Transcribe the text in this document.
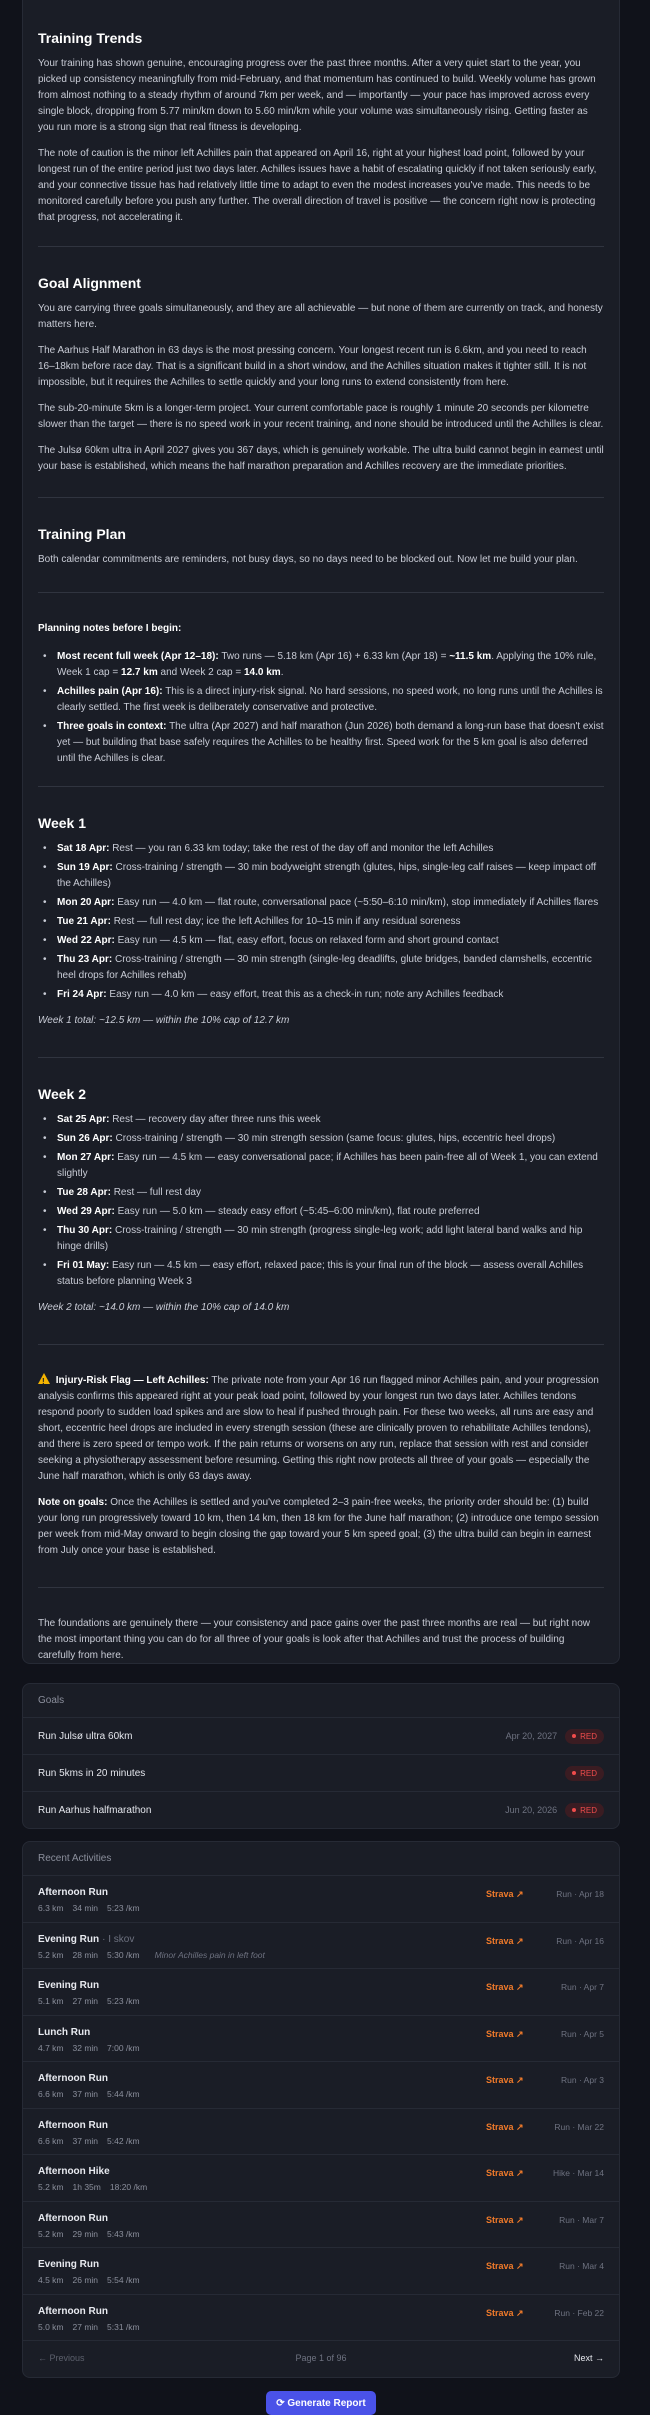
Training Trends

Your training has shown genuine, encouraging progress over the past three months. After a very quiet start to the year, you picked up consistency meaningfully from mid-February, and that momentum has continued to build. Weekly volume has grown from almost nothing to a steady rhythm of around 7km per week, and — importantly — your pace has improved across every single block, dropping from 5.77 min/km down to 5.60 min/km while your volume was simultaneously rising. Getting faster as you run more is a strong sign that real fitness is developing.

The note of caution is the minor left Achilles pain that appeared on April 16, right at your highest load point, followed by your longest run of the entire period just two days later. Achilles issues have a habit of escalating quickly if not taken seriously early, and your connective tissue has had relatively little time to adapt to even the modest increases you've made. This needs to be monitored carefully before you push any further. The overall direction of travel is positive — the concern right now is protecting that progress, not accelerating it.

Goal Alignment

You are carrying three goals simultaneously, and they are all achievable — but none of them are currently on track, and honesty matters here.

The Aarhus Half Marathon in 63 days is the most pressing concern. Your longest recent run is 6.6km, and you need to reach 16–18km before race day. That is a significant build in a short window, and the Achilles situation makes it tighter still. It is not impossible, but it requires the Achilles to settle quickly and your long runs to extend consistently from here.

The sub-20-minute 5km is a longer-term project. Your current comfortable pace is roughly 1 minute 20 seconds per kilometre slower than the target — there is no speed work in your recent training, and none should be introduced until the Achilles is clear.

The Julsø 60km ultra in April 2027 gives you 367 days, which is genuinely workable. The ultra build cannot begin in earnest until your base is established, which means the half marathon preparation and Achilles recovery are the immediate priorities.

Training Plan

Both calendar commitments are reminders, not busy days, so no days need to be blocked out. Now let me build your plan.

Planning notes before I begin:

• Most recent full week (Apr 12–18): Two runs — 5.18 km (Apr 16) + 6.33 km (Apr 18) = ~11.5 km. Applying the 10% rule, Week 1 cap = 12.7 km and Week 2 cap = 14.0 km.
• Achilles pain (Apr 16): This is a direct injury-risk signal. No hard sessions, no speed work, no long runs until the Achilles is clearly settled. The first week is deliberately conservative and protective.
• Three goals in context: The ultra (Apr 2027) and half marathon (Jun 2026) both demand a long-run base that doesn't exist yet — but building that base safely requires the Achilles to be healthy first. Speed work for the 5 km goal is also deferred until the Achilles is clear.
Week 1
• Sat 18 Apr: Rest — you ran 6.33 km today; take the rest of the day off and monitor the left Achilles
• Sun 19 Apr: Cross-training / strength — 30 min bodyweight strength (glutes, hips, single-leg calf raises — keep impact off the Achilles)
• Mon 20 Apr: Easy run — 4.0 km — flat route, conversational pace (~5:50–6:10 min/km), stop immediately if Achilles flares
• Tue 21 Apr: Rest — full rest day; ice the left Achilles for 10–15 min if any residual soreness
• Wed 22 Apr: Easy run — 4.5 km — flat, easy effort, focus on relaxed form and short ground contact
• Thu 23 Apr: Cross-training / strength — 30 min strength (single-leg deadlifts, glute bridges, banded clamshells, eccentric heel drops for Achilles rehab)
• Fri 24 Apr: Easy run — 4.0 km — easy effort, treat this as a check-in run; note any Achilles feedback

Week 1 total: ~12.5 km — within the 10% cap of 12.7 km

Week 2
• Sat 25 Apr: Rest — recovery day after three runs this week
• Sun 26 Apr: Cross-training / strength — 30 min strength session (same focus: glutes, hips, eccentric heel drops)
• Mon 27 Apr: Easy run — 4.5 km — easy conversational pace; if Achilles has been pain-free all of Week 1, you can extend slightly
• Tue 28 Apr: Rest — full rest day
• Wed 29 Apr: Easy run — 5.0 km — steady easy effort (~5:45–6:00 min/km), flat route preferred
• Thu 30 Apr: Cross-training / strength — 30 min strength (progress single-leg work; add light lateral band walks and hip hinge drills)
• Fri 01 May: Easy run — 4.5 km — easy effort, relaxed pace; this is your final run of the block — assess overall Achilles status before planning Week 3

Week 2 total: ~14.0 km — within the 10% cap of 14.0 km

! Injury-Risk Flag — Left Achilles: The private note from your Apr 16 run flagged minor Achilles pain, and your progression analysis confirms this appeared right at your peak load point, followed by your longest run two days later. Achilles tendons respond poorly to sudden load spikes and are slow to heal if pushed through pain. For these two weeks, all runs are easy and short, eccentric heel drops are included in every strength session (these are clinically proven to rehabilitate Achilles tendons), and there is zero speed or tempo work. If the pain returns or worsens on any run, replace that session with rest and consider seeking a physiotherapy assessment before resuming. Getting this right now protects all three of your goals — especially the June half marathon, which is only 63 days away.

Note on goals: Once the Achilles is settled and you've completed 2–3 pain-free weeks, the priority order should be: (1) build your long run progressively toward 10 km, then 14 km, then 18 km for the June half marathon; (2) introduce one tempo session per week from mid-May onward to begin closing the gap toward your 5 km speed goal; (3) the ultra build can begin in earnest from July once your base is established.

The foundations are genuinely there — your consistency and pace gains over the past three months are real — but right now the most important thing you can do for all three of your goals is look after that Achilles and trust the process of building carefully from here.

Goals
Run Julsø ultra 60km	Apr 20, 2027	RED
Run 5kms in 20 minutes	RED
Run Aarhus halfmarathon	Jun 20, 2026	RED
Recent Activities
Afternoon Run
6.3 km 34 min 5:23 /km
Strava ↗	Run · Apr 18
Evening Run · I skov
5.2 km 28 min 5:30 /km Minor Achilles pain in left foot
Strava ↗	Run · Apr 16
Evening Run
5.1 km 27 min 5:23 /km
Strava ↗	Run · Apr 7
Lunch Run
4.7 km 32 min 7:00 /km
Strava ↗	Run · Apr 5
Afternoon Run
6.6 km 37 min 5:44 /km
Strava ↗	Run · Apr 3
Afternoon Run
6.6 km 37 min 5:42 /km
Strava ↗	Run · Mar 22
Afternoon Hike
5.2 km 1h 35m 18:20 /km
Strava ↗	Hike · Mar 14
Afternoon Run
5.2 km 29 min 5:43 /km
Strava ↗	Run · Mar 7
Evening Run
4.5 km 26 min 5:54 /km
Strava ↗	Run · Mar 4
Afternoon Run
5.0 km 27 min 5:31 /km
Strava ↗	Run · Feb 22
← Previous	Page 1 of 96	Next →
⟳ Generate Report
